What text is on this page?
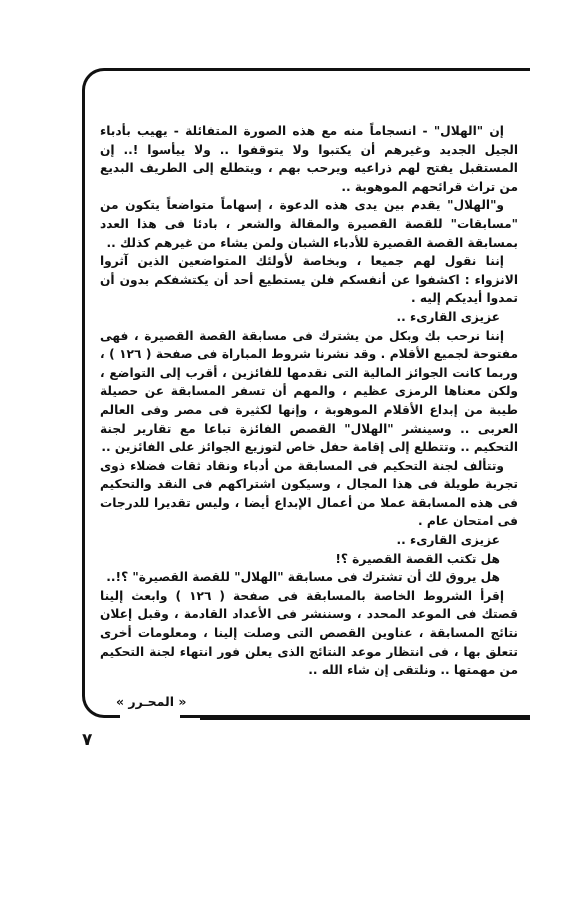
إن "الهلال" - انسجاماً منه مع هذه الصورة المتفائلة - يهيب بأدباء الجيل الجديد وغيرهم أن يكتبوا ولا يتوقفوا .. ولا ييأسوا !.. إن المستقبل يفتح لهم ذراعيه ويرحب بهم ، ويتطلع إلى الطريف البديع من تراث قرائحهم الموهوبة ..

و"الهلال" يقدم بين يدى هذه الدعوة ، إسهاماً متواضعاً يتكون من "مسابقات" للقصة القصيرة والمقالة والشعر ، بادئا فى هذا العدد بمسابقة القصة القصيرة للأدباء الشبان ولمن يشاء من غيرهم كذلك ..

إننا نقول لهم جميعا ، وبخاصة لأولئك المتواضعين الذين آثروا الانزواء : اكشفوا عن أنفسكم فلن يستطيع أحد أن يكتشفكم بدون أن تمدوا أيديكم إليه .

عزيزى القارىء ..

إننا نرحب بك وبكل من يشترك فى مسابقة القصة القصيرة ، فهى مفتوحة لجميع الأقلام . وقد نشرنا شروط المباراة فى صفحة ( ١٢٦ ) ، وربما كانت الجوائز المالية التى نقدمها للفائزين ، أقرب إلى التواضع ، ولكن معناها الرمزى عظيم ، والمهم أن تسفر المسابقة عن حصيلة طيبة من إبداع الأقلام الموهوبة ، وإنها لكثيرة فى مصر وفى العالم العربى .. وسينشر "الهلال" القصص الفائزة تباعا مع تقارير لجنة التحكيم .. وتتطلع إلى إقامة حفل خاص لتوزيع الجوائز على الفائزين ..

وتتألف لجنة التحكيم فى المسابقة من أدباء ونقاد ثقات فضلاء ذوى تجربة طويلة فى هذا المجال ، وسيكون اشتراكهم فى النقد والتحكيم فى هذه المسابقة عملا من أعمال الإبداع أيضا ، وليس تقديرا للدرجات فى امتحان عام .

عزيزى القارىء ..

هل تكتب القصة القصيرة ؟!

هل يروق لك أن تشترك فى مسابقة "الهلال" للقصة القصيرة" ؟!..

إقرأ الشروط الخاصة بالمسابقة فى صفحة ( ١٢٦ ) وابعث إلينا قصتك فى الموعد المحدد ، وسننشر فى الأعداد القادمة ، وقبل إعلان نتائج المسابقة ، عناوين القصص التى وصلت إلينا ، ومعلومات أخرى تتعلق بها ، فى انتظار موعد النتائج الذى يعلن فور انتهاء لجنة التحكيم من مهمتها .. ونلتقى إن شاء الله ..

« المحـرر »
٧
